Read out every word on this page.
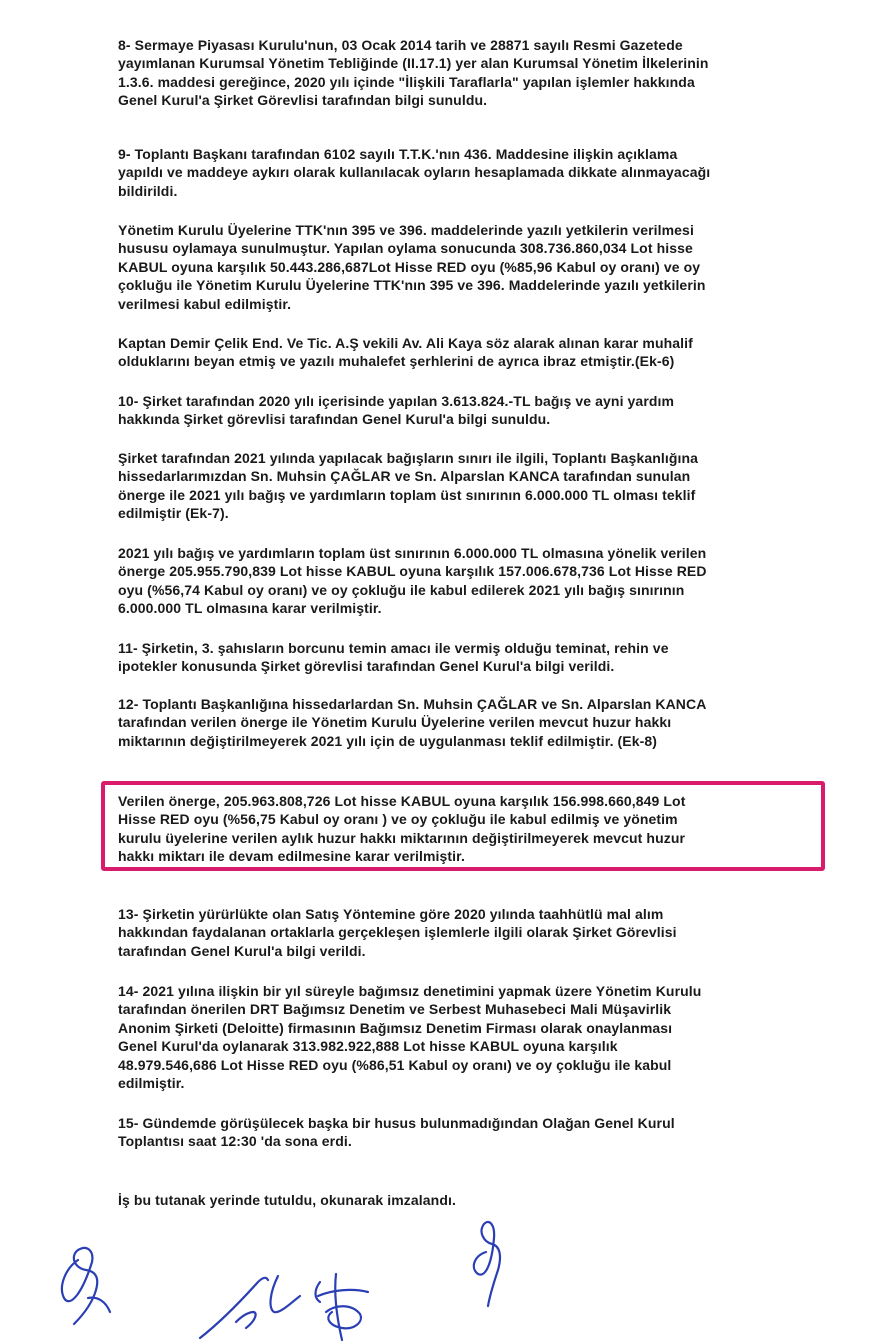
8- Sermaye Piyasası Kurulu'nun, 03 Ocak 2014 tarih ve 28871 sayılı Resmi Gazetede
yayımlanan Kurumsal Yönetim Tebliğinde (II.17.1) yer alan Kurumsal Yönetim İlkelerinin
1.3.6. maddesi gereğince, 2020 yılı içinde "İlişkili Taraflarla" yapılan işlemler hakkında
Genel Kurul'a Şirket Görevlisi tarafından bilgi sunuldu.
9- Toplantı Başkanı tarafından 6102 sayılı T.T.K.'nın 436. Maddesine ilişkin açıklama
yapıldı ve maddeye aykırı olarak kullanılacak oyların hesaplamada dikkate alınmayacağı
bildirildi.
Yönetim Kurulu Üyelerine TTK'nın 395 ve 396. maddelerinde yazılı yetkilerin verilmesi
hususu oylamaya sunulmuştur. Yapılan oylama sonucunda 308.736.860,034 Lot hisse
KABUL oyuna karşılık 50.443.286,687Lot Hisse RED oyu (%85,96 Kabul oy oranı) ve oy
çokluğu ile Yönetim Kurulu Üyelerine TTK'nın 395 ve 396. Maddelerinde yazılı yetkilerin
verilmesi kabul edilmiştir.
Kaptan Demir Çelik End. Ve Tic. A.Ş vekili Av. Ali Kaya söz alarak alınan karar muhalif
olduklarını beyan etmiş ve yazılı muhalefet şerhlerini de ayrıca ibraz etmiştir.(Ek-6)
10- Şirket tarafından 2020 yılı içerisinde yapılan 3.613.824.-TL bağış ve ayni yardım
hakkında Şirket görevlisi tarafından Genel Kurul'a bilgi sunuldu.
Şirket tarafından 2021 yılında yapılacak bağışların sınırı ile ilgili, Toplantı Başkanlığına
hissedarlarımızdan Sn. Muhsin ÇAĞLAR ve Sn. Alparslan KANCA tarafından sunulan
önerge ile 2021 yılı bağış ve yardımların toplam üst sınırının 6.000.000 TL olması teklif
edilmiştir (Ek-7).
2021 yılı bağış ve yardımların toplam üst sınırının 6.000.000 TL olmasına yönelik verilen
önerge 205.955.790,839 Lot hisse KABUL oyuna karşılık 157.006.678,736 Lot Hisse RED
oyu (%56,74 Kabul oy oranı) ve oy çokluğu ile kabul edilerek 2021 yılı bağış sınırının
6.000.000 TL olmasına karar verilmiştir.
11- Şirketin, 3. şahısların borcunu temin amacı ile vermiş olduğu teminat, rehin ve
ipotekler konusunda Şirket görevlisi tarafından Genel Kurul'a bilgi verildi.
12- Toplantı Başkanlığına hissedarlardan Sn. Muhsin ÇAĞLAR ve Sn. Alparslan KANCA
tarafından verilen önerge ile Yönetim Kurulu Üyelerine verilen mevcut huzur hakkı
miktarının değiştirilmeyerek 2021 yılı için de uygulanması teklif edilmiştir. (Ek-8)
Verilen önerge, 205.963.808,726 Lot hisse KABUL oyuna karşılık 156.998.660,849 Lot
Hisse RED oyu (%56,75 Kabul oy oranı ) ve oy çokluğu ile kabul edilmiş ve yönetim
kurulu üyelerine verilen aylık huzur hakkı miktarının değiştirilmeyerek mevcut huzur
hakkı miktarı ile devam edilmesine karar verilmiştir.
13- Şirketin yürürlükte olan Satış Yöntemine göre 2020 yılında taahhütlü mal alım
hakkından faydalanan ortaklarla gerçekleşen işlemlerle ilgili olarak Şirket Görevlisi
tarafından Genel Kurul'a bilgi verildi.
14- 2021 yılına ilişkin bir yıl süreyle bağımsız denetimini yapmak üzere Yönetim Kurulu
tarafından önerilen DRT Bağımsız Denetim ve Serbest Muhasebeci Mali Müşavirlik
Anonim Şirketi (Deloitte) firmasının Bağımsız Denetim Firması olarak onaylanması
Genel Kurul'da oylanarak 313.982.922,888 Lot hisse KABUL oyuna karşılık
48.979.546,686 Lot Hisse RED oyu (%86,51 Kabul oy oranı) ve oy çokluğu ile kabul
edilmiştir.
15- Gündemde görüşülecek başka bir husus bulunmadığından Olağan Genel Kurul
Toplantısı saat 12:30 'da sona erdi.
İş bu tutanak yerinde tutuldu, okunarak imzalandı.
